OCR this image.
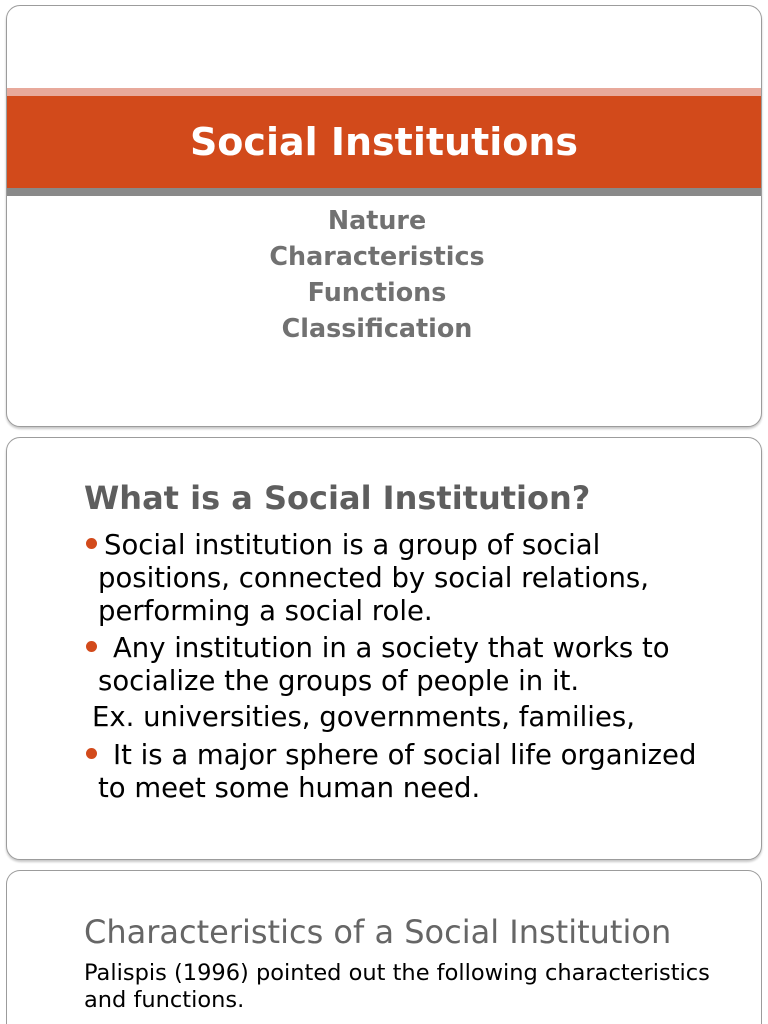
Social Institutions
Nature
Characteristics
Functions
Classification
What is a Social Institution?
Social institution is a group of social positions, connected by social relations, performing a social role.
Any institution in a society that works to socialize the groups of people in it.
Ex. universities, governments, families,
It is a major sphere of social life organized to meet some human need.
Characteristics of a Social Institution

Palispis (1996) pointed out the following characteristics and functions.
